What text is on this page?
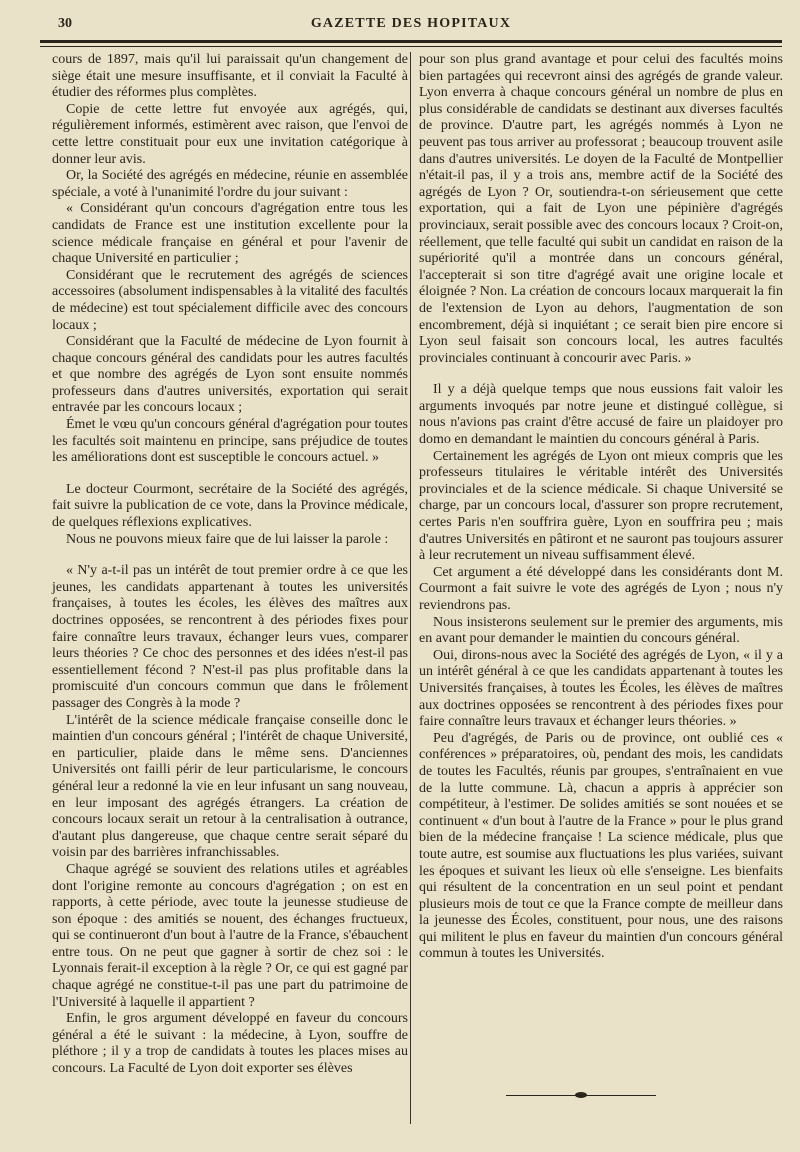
30	GAZETTE DES HOPITAUX

cours de 1897, mais qu'il lui paraissait qu'un changement de siège était une mesure insuffisante, et il conviait la Faculté à étudier des réformes plus complètes.

Copie de cette lettre fut envoyée aux agrégés, qui, régulièrement informés, estimèrent avec raison, que l'envoi de cette lettre constituait pour eux une invitation catégorique à donner leur avis.

Or, la Société des agrégés en médecine, réunie en assemblée spéciale, a voté à l'unanimité l'ordre du jour suivant :

« Considérant qu'un concours d'agrégation entre tous les candidats de France est une institution excellente pour la science médicale française en général et pour l'avenir de chaque Université en particulier ;

Considérant que le recrutement des agrégés de sciences accessoires (absolument indispensables à la vitalité des facultés de médecine) est tout spécialement difficile avec des concours locaux ;

Considérant que la Faculté de médecine de Lyon fournit à chaque concours général des candidats pour les autres facultés et que nombre des agrégés de Lyon sont ensuite nommés professeurs dans d'autres universités, exportation qui serait entravée par les concours locaux ;

Émet le vœu qu'un concours général d'agrégation pour toutes les facultés soit maintenu en principe, sans préjudice de toutes les améliorations dont est susceptible le concours actuel. »

Le docteur Courmont, secrétaire de la Société des agrégés, fait suivre la publication de ce vote, dans la Province médicale, de quelques réflexions explicatives.

Nous ne pouvons mieux faire que de lui laisser la parole :

« N'y a-t-il pas un intérêt de tout premier ordre à ce que les jeunes, les candidats appartenant à toutes les universités françaises, à toutes les écoles, les élèves des maîtres aux doctrines opposées, se rencontrent à des périodes fixes pour faire connaître leurs travaux, échanger leurs vues, comparer leurs théories ? Ce choc des personnes et des idées n'est-il pas essentiellement fécond ? N'est-il pas plus profitable dans la promiscuité d'un concours commun que dans le frôlement passager des Congrès à la mode ?

L'intérêt de la science médicale française conseille donc le maintien d'un concours général ; l'intérêt de chaque Université, en particulier, plaide dans le même sens. D'anciennes Universités ont failli périr de leur particularisme, le concours général leur a redonné la vie en leur infusant un sang nouveau, en leur imposant des agrégés étrangers. La création de concours locaux serait un retour à la centralisation à outrance, d'autant plus dangereuse, que chaque centre serait séparé du voisin par des barrières infranchissables.

Chaque agrégé se souvient des relations utiles et agréables dont l'origine remonte au concours d'agrégation ; on est en rapports, à cette période, avec toute la jeunesse studieuse de son époque : des amitiés se nouent, des échanges fructueux, qui se continueront d'un bout à l'autre de la France, s'ébauchent entre tous. On ne peut que gagner à sortir de chez soi : le Lyonnais ferait-il exception à la règle ? Or, ce qui est gagné par chaque agrégé ne constitue-t-il pas une part du patrimoine de l'Université à laquelle il appartient ?

Enfin, le gros argument développé en faveur du concours général a été le suivant : la médecine, à Lyon, souffre de pléthore ; il y a trop de candidats à toutes les places mises au concours. La Faculté de Lyon doit exporter ses élèves

pour son plus grand avantage et pour celui des facultés moins bien partagées qui recevront ainsi des agrégés de grande valeur. Lyon enverra à chaque concours général un nombre de plus en plus considérable de candidats se destinant aux diverses facultés de province. D'autre part, les agrégés nommés à Lyon ne peuvent pas tous arriver au professorat ; beaucoup trouvent asile dans d'autres universités. Le doyen de la Faculté de Montpellier n'était-il pas, il y a trois ans, membre actif de la Société des agrégés de Lyon ? Or, soutiendra-t-on sérieusement que cette exportation, qui a fait de Lyon une pépinière d'agrégés provinciaux, serait possible avec des concours locaux ? Croit-on, réellement, que telle faculté qui subit un candidat en raison de la supériorité qu'il a montrée dans un concours général, l'accepterait si son titre d'agrégé avait une origine locale et éloignée ? Non. La création de concours locaux marquerait la fin de l'extension de Lyon au dehors, l'augmentation de son encombrement, déjà si inquiétant ; ce serait bien pire encore si Lyon seul faisait son concours local, les autres facultés provinciales continuant à concourir avec Paris. »

Il y a déjà quelque temps que nous eussions fait valoir les arguments invoqués par notre jeune et distingué collègue, si nous n'avions pas craint d'être accusé de faire un plaidoyer pro domo en demandant le maintien du concours général à Paris.

Certainement les agrégés de Lyon ont mieux compris que les professeurs titulaires le véritable intérêt des Universités provinciales et de la science médicale. Si chaque Université se charge, par un concours local, d'assurer son propre recrutement, certes Paris n'en souffrira guère, Lyon en souffrira peu ; mais d'autres Universités en pâtiront et ne sauront pas toujours assurer à leur recrutement un niveau suffisamment élevé.

Cet argument a été développé dans les considérants dont M. Courmont a fait suivre le vote des agrégés de Lyon ; nous n'y reviendrons pas.

Nous insisterons seulement sur le premier des arguments, mis en avant pour demander le maintien du concours général.

Oui, dirons-nous avec la Société des agrégés de Lyon, « il y a un intérêt général à ce que les candidats appartenant à toutes les Universités françaises, à toutes les Écoles, les élèves de maîtres aux doctrines opposées se rencontrent à des périodes fixes pour faire connaître leurs travaux et échanger leurs théories. »

Peu d'agrégés, de Paris ou de province, ont oublié ces « conférences » préparatoires, où, pendant des mois, les candidats de toutes les Facultés, réunis par groupes, s'entraînaient en vue de la lutte commune. Là, chacun a appris à apprécier son compétiteur, à l'estimer. De solides amitiés se sont nouées et se continuent « d'un bout à l'autre de la France » pour le plus grand bien de la médecine française ! La science médicale, plus que toute autre, est soumise aux fluctuations les plus variées, suivant les époques et suivant les lieux où elle s'enseigne. Les bienfaits qui résultent de la concentration en un seul point et pendant plusieurs mois de tout ce que la France compte de meilleur dans la jeunesse des Écoles, constituent, pour nous, une des raisons qui militent le plus en faveur du maintien d'un concours général commun à toutes les Universités.
